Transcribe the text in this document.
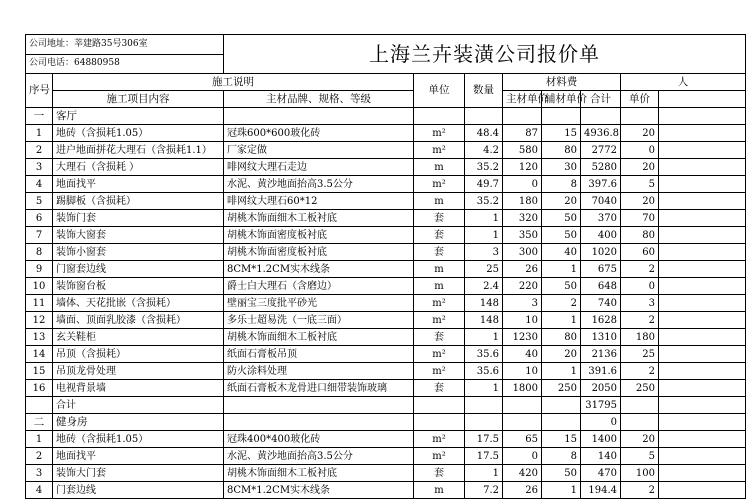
公司地址：莘建路35号306室		上海兰卉装潢公司报价单							
公司电话：64880958									
序号	施工说明		单位	数量	材料费			人	
	施工项目内容	主材品牌、规格、等级			主材单价	辅材单价	合计	单价	
一	客厅								
1	地砖（含损耗1.05）	冠珠600*600玻化砖	m²	48.4	87	15	4936.8	20	
2	进户地面拼花大理石（含损耗1.1）	厂家定做	m²	4.2	580	80	2772	0	
3	大理石（含损耗 ）	啡网纹大理石走边	m	35.2	120	30	5280	20	
4	地面找平	水泥、黄沙地面抬高3.5公分	m²	49.7	0	8	397.6	5	
5	踢脚板（含损耗）	啡网纹大理石60*12	m	35.2	180	20	7040	20	
6	装饰门套	胡桃木饰面细木工板衬底	套	1	320	50	370	70	
7	装饰大窗套	胡桃木饰面密度板衬底	套	1	350	50	400	80	
8	装饰小窗套	胡桃木饰面密度板衬底	套	3	300	40	1020	60	
9	门窗套边线	8CM*1.2CM实木线条	m	25	26	1	675	2	
10	装饰窗台板	爵士白大理石（含磨边）	m	2.4	220	50	648	0	
11	墙体、天花批嵌（含损耗）	壁丽宝三度批平砂光	m²	148	3	2	740	3	
12	墙面、顶面乳胶漆（含损耗）	多乐士超易洗（一底三面）	m²	148	10	1	1628	2	
13	玄关鞋柜	胡桃木饰面细木工板衬底	套	1	1230	80	1310	180	
14	吊顶（含损耗）	纸面石膏板吊顶	m²	35.6	40	20	2136	25	
15	吊顶龙骨处理	防火涂料处理	m²	35.6	10	1	391.6	2	
16	电视背景墙	纸面石膏板木龙骨进口细带装饰玻璃	套	1	1800	250	2050	250	
	合计						31795		
二	健身房						0		
1	地砖（含损耗1.05）	冠珠400*400玻化砖	m²	17.5	65	15	1400	20	
2	地面找平	水泥、黄沙地面抬高3.5公分	m²	17.5	0	8	140	5	
3	装饰大门套	胡桃木饰面细木工板衬底	套	1	420	50	470	100	
4	门套边线	8CM*1.2CM实木线条	m	7.2	26	1	194.4	2	
